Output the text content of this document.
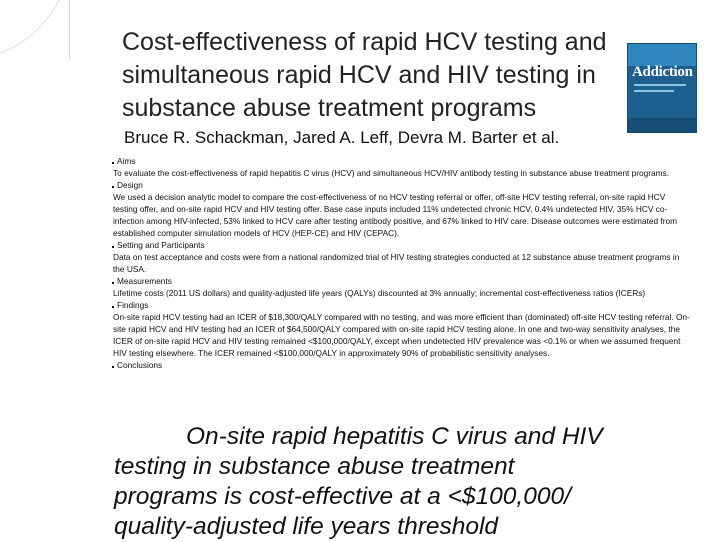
Cost-effectiveness of rapid HCV testing and
simultaneous rapid HCV and HIV testing in
substance abuse treatment programs
Addiction
Bruce R. Schackman, Jared A. Leff, Devra M. Barter et al.
Aims

To evaluate the cost-effectiveness of rapid hepatitis C virus (HCV) and simultaneous HCV/HIV antibody testing in substance abuse treatment programs.

Design

We used a decision analytic model to compare the cost-effectiveness of no HCV testing referral or offer, off-site HCV testing referral, on-site rapid HCV testing offer, and on-site rapid HCV and HIV testing offer. Base case inputs included 11% undetected chronic HCV, 0.4% undetected HIV, 35% HCV co-infection among HIV-infected, 53% linked to HCV care after testing antibody positive, and 67% linked to HIV care. Disease outcomes were estimated from established computer simulation models of HCV (HEP-CE) and HIV (CEPAC).

Setting and Participants

Data on test acceptance and costs were from a national randomized trial of HIV testing strategies conducted at 12 substance abuse treatment programs in the USA.

Measurements

Lifetime costs (2011 US dollars) and quality-adjusted life years (QALYs) discounted at 3% annually; incremental cost-effectiveness ratios (ICERs)

Findings

On-site rapid HCV testing had an ICER of $18,300/QALY compared with no testing, and was more efficient than (dominated) off-site HCV testing referral. On-site rapid HCV and HIV testing had an ICER of $64,500/QALY compared with on-site rapid HCV testing alone. In one and two-way sensitivity analyses, the ICER of on-site rapid HCV and HIV testing remained <$100,000/QALY, except when undetected HIV prevalence was <0.1% or when we assumed frequent HIV testing elsewhere. The ICER remained <$100,000/QALY in approximately 90% of probabilistic sensitivity analyses.

Conclusions
On-site rapid hepatitis C virus and HIV
testing in substance abuse treatment
programs is cost-effective at a <$100,000/
quality-adjusted life years threshold
